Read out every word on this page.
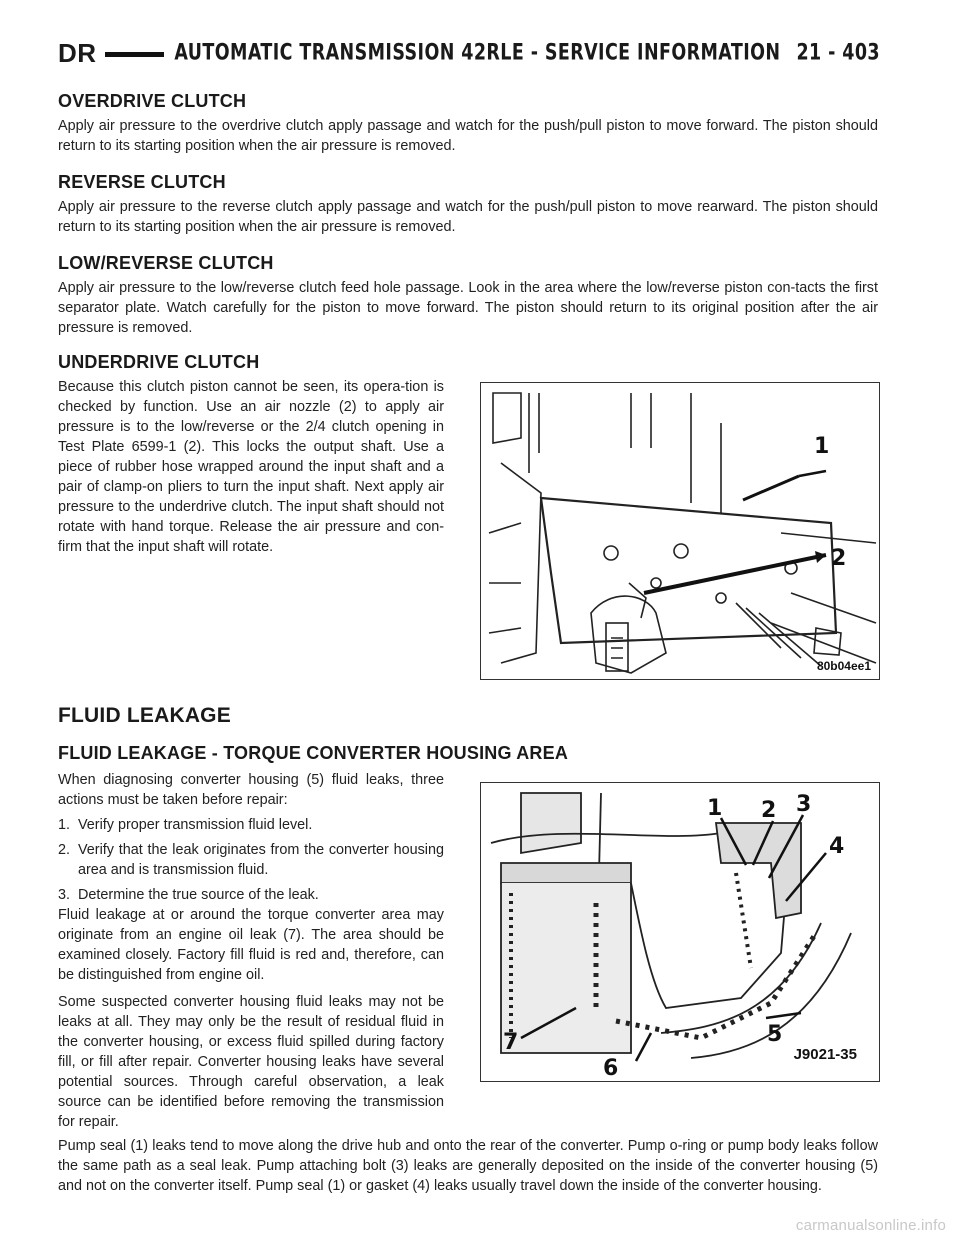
DR	AUTOMATIC TRANSMISSION 42RLE - SERVICE INFORMATION 21 - 403
OVERDRIVE CLUTCH

Apply air pressure to the overdrive clutch apply passage and watch for the push/pull piston to move forward. The piston should return to its starting position when the air pressure is removed.

REVERSE CLUTCH

Apply air pressure to the reverse clutch apply passage and watch for the push/pull piston to move rearward. The piston should return to its starting position when the air pressure is removed.

LOW/REVERSE CLUTCH

Apply air pressure to the low/reverse clutch feed hole passage. Look in the area where the low/reverse piston con-tacts the first separator plate. Watch carefully for the piston to move forward. The piston should return to its original position after the air pressure is removed.

UNDERDRIVE CLUTCH

Because this clutch piston cannot be seen, its opera-tion is checked by function. Use an air nozzle (2) to apply air pressure is to the low/reverse or the 2/4 clutch opening in Test Plate 6599-1 (2). This locks the output shaft. Use a piece of rubber hose wrapped around the input shaft and a pair of clamp-on pliers to turn the input shaft. Next apply air pressure to the underdrive clutch. The input shaft should not rotate with hand torque. Release the air pressure and con-firm that the input shaft will rotate.

1
2
80b04ee1
FLUID LEAKAGE
FLUID LEAKAGE - TORQUE CONVERTER HOUSING AREA

When diagnosing converter housing (5) fluid leaks, three actions must be taken before repair:

1. Verify proper transmission fluid level.
2. Verify that the leak originates from the converter housing area and is transmission fluid.
3. Determine the true source of the leak.

Fluid leakage at or around the torque converter area may originate from an engine oil leak (7). The area should be examined closely. Factory fill fluid is red and, therefore, can be distinguished from engine oil.

Some suspected converter housing fluid leaks may not be leaks at all. They may only be the result of residual fluid in the converter housing, or excess fluid spilled during factory fill, or fill after repair. Converter housing leaks have several potential sources. Through careful observation, a leak source can be identified before removing the transmission for repair.

Pump seal (1) leaks tend to move along the drive hub and onto the rear of the converter. Pump o-ring or pump body leaks follow the same path as a seal leak. Pump attaching bolt (3) leaks are generally deposited on the inside of the converter housing (5) and not on the converter itself. Pump seal (1) or gasket (4) leaks usually travel down the inside of the converter housing.

1 2 3
4
5
6
7	J9021-35
carmanualsonline.info
